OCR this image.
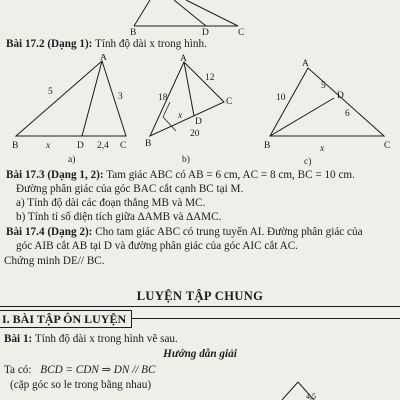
B	D	C
Bài 17.2 (Dạng 1): Tính độ dài x trong hình.
A
B	D	C
x
5	3
2,4
a)
A
B
D
C
18
12
20
x
b)
A
B	C
D
10
5
6
x
c)
Bài 17.3 (Dạng 1, 2): Tam giác ABC có AB = 6 cm, AC = 8 cm, BC = 10 cm.
Đường phân giác của góc BAC cắt cạnh BC tại M.
a) Tính độ dài các đoạn thẳng MB và MC.
b) Tính tỉ số diện tích giữa ∆AMB và ∆AMC.
Bài 17.4 (Dạng 2): Cho tam giác ABC có trung tuyến AI. Đường phân giác của
góc AIB cắt AB tại D và đường phân giác của góc AIC cắt AC.
Chứng minh DE// BC.
LUYỆN TẬP CHUNG
I. BÀI TẬP ÔN LUYỆN
Bài 1: Tính độ dài x trong hình vẽ sau.
Hướng dẫn giải
Ta có: BCD = CDN ⇒ DN // BC
(cặp góc so le trong bằng nhau)
4,5
